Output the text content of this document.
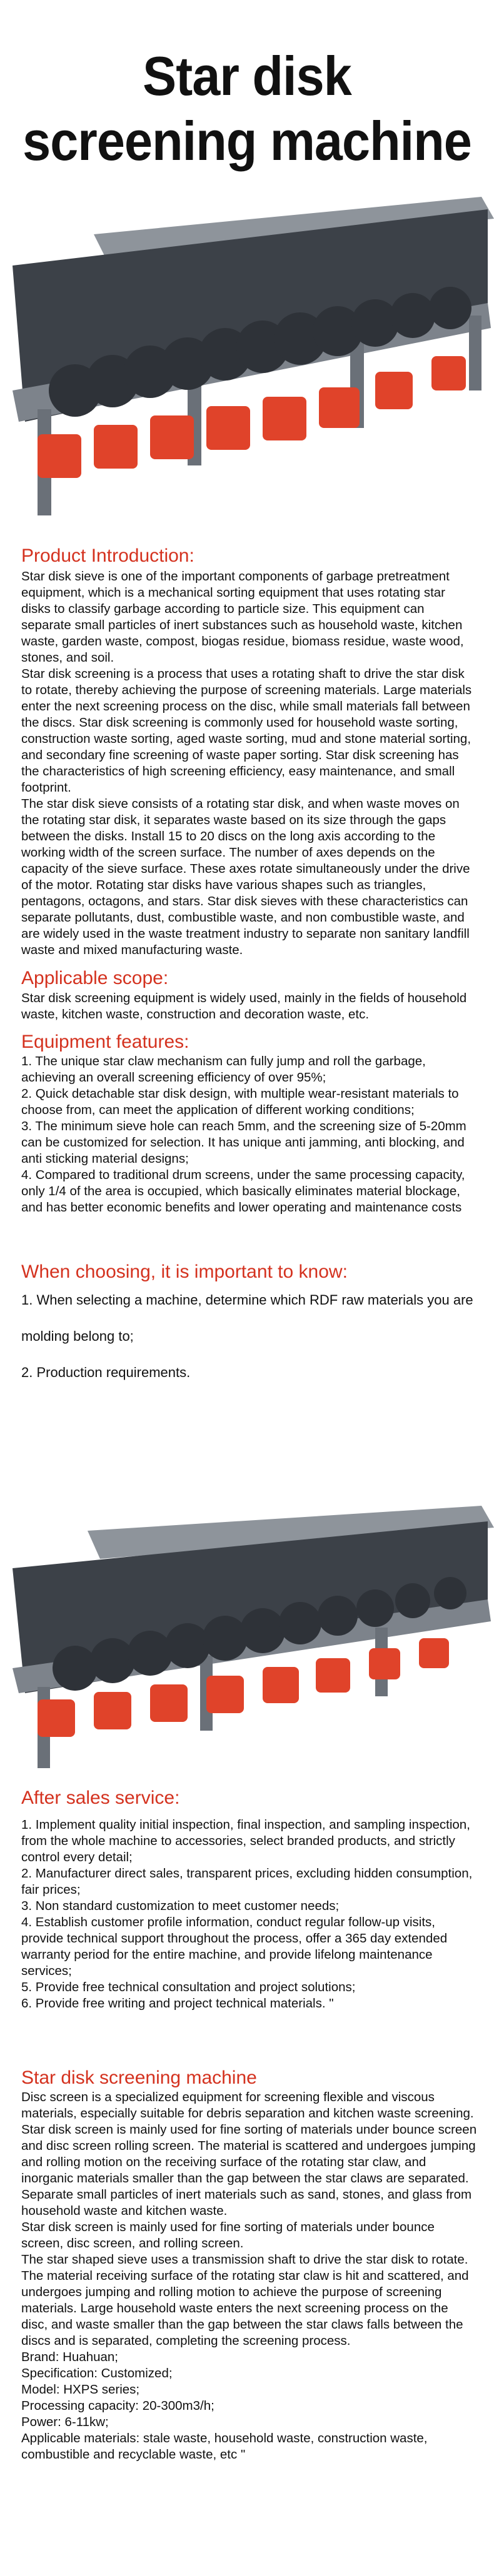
Star disk screening machine
Product Introduction:

Star disk sieve is one of the important components of garbage pretreatment equipment, which is a mechanical sorting equipment that uses rotating star disks to classify garbage according to particle size. This equipment can separate small particles of inert substances such as household waste, kitchen waste, garden waste, compost, biogas residue, biomass residue, waste wood, stones, and soil.

Star disk screening is a process that uses a rotating shaft to drive the star disk to rotate, thereby achieving the purpose of screening materials. Large materials enter the next screening process on the disc, while small materials fall between the discs. Star disk screening is commonly used for household waste sorting, construction waste sorting, aged waste sorting, mud and stone material sorting, and secondary fine screening of waste paper sorting. Star disk screening has the characteristics of high screening efficiency, easy maintenance, and small footprint.

The star disk sieve consists of a rotating star disk, and when waste moves on the rotating star disk, it separates waste based on its size through the gaps between the disks. Install 15 to 20 discs on the long axis according to the working width of the screen surface. The number of axes depends on the capacity of the sieve surface. These axes rotate simultaneously under the drive of the motor. Rotating star disks have various shapes such as triangles, pentagons, octagons, and stars. Star disk sieves with these characteristics can separate pollutants, dust, combustible waste, and non combustible waste, and are widely used in the waste treatment industry to separate non sanitary landfill waste and mixed manufacturing waste.

Applicable scope:

Star disk screening equipment is widely used, mainly in the fields of household waste, kitchen waste, construction and decoration waste, etc.

Equipment features:

1. The unique star claw mechanism can fully jump and roll the garbage, achieving an overall screening efficiency of over 95%;

2. Quick detachable star disk design, with multiple wear-resistant materials to choose from, can meet the application of different working conditions;

3. The minimum sieve hole can reach 5mm, and the screening size of 5-20mm can be customized for selection. It has unique anti jamming, anti blocking, and anti sticking material designs;

4. Compared to traditional drum screens, under the same processing capacity, only 1/4 of the area is occupied, which basically eliminates material blockage, and has better economic benefits and lower operating and maintenance costs

When choosing, it is important to know:

1. When selecting a machine, determine which RDF raw materials you are molding belong to;

2. Production requirements.

After sales service:

1. Implement quality initial inspection, final inspection, and sampling inspection, from the whole machine to accessories, select branded products, and strictly control every detail;

2. Manufacturer direct sales, transparent prices, excluding hidden consumption, fair prices;

3. Non standard customization to meet customer needs;

4. Establish customer profile information, conduct regular follow-up visits, provide technical support throughout the process, offer a 365 day extended warranty period for the entire machine, and provide lifelong maintenance services;

5. Provide free technical consultation and project solutions;

6. Provide free writing and project technical materials. "

Star disk screening machine

Disc screen is a specialized equipment for screening flexible and viscous materials, especially suitable for debris separation and kitchen waste screening.

Star disk screen is mainly used for fine sorting of materials under bounce screen and disc screen rolling screen. The material is scattered and undergoes jumping and rolling motion on the receiving surface of the rotating star claw, and inorganic materials smaller than the gap between the star claws are separated. Separate small particles of inert materials such as sand, stones, and glass from household waste and kitchen waste.

Star disk screen is mainly used for fine sorting of materials under bounce screen, disc screen, and rolling screen.

The star shaped sieve uses a transmission shaft to drive the star disk to rotate. The material receiving surface of the rotating star claw is hit and scattered, and undergoes jumping and rolling motion to achieve the purpose of screening materials. Large household waste enters the next screening process on the disc, and waste smaller than the gap between the star claws falls between the discs and is separated, completing the screening process.

Brand: Huahuan;

Specification: Customized;

Model: HXPS series;

Processing capacity: 20-300m3/h;

Power: 6-11kw;

Applicable materials: stale waste, household waste, construction waste, combustible and recyclable waste, etc "
